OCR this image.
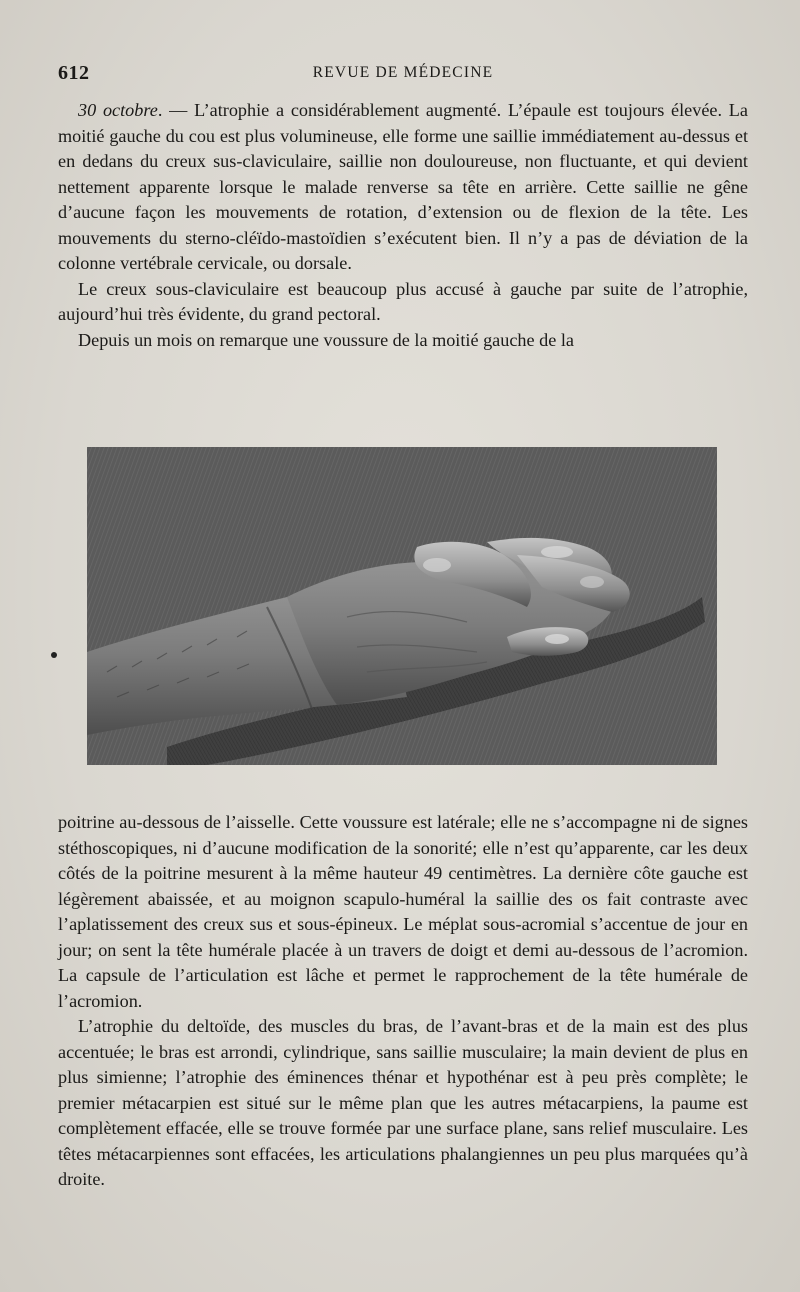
612	REVUE DE MÉDECINE

30 octobre. — L’atrophie a considérablement augmenté. L’épaule est toujours élevée. La moitié gauche du cou est plus volumineuse, elle forme une saillie immédiatement au-dessus et en dedans du creux sus-claviculaire, saillie non douloureuse, non fluctuante, et qui devient nettement apparente lorsque le malade renverse sa tête en arrière. Cette saillie ne gêne d’aucune façon les mouvements de rotation, d’extension ou de flexion de la tête. Les mouvements du sterno-cléïdo-mastoïdien s’exécutent bien. Il n’y a pas de déviation de la colonne vertébrale cervicale, ou dorsale.

Le creux sous-claviculaire est beaucoup plus accusé à gauche par suite de l’atrophie, aujourd’hui très évidente, du grand pectoral.

Depuis un mois on remarque une voussure de la moitié gauche de la

poitrine au-dessous de l’aisselle. Cette voussure est latérale; elle ne s’accompagne ni de signes stéthoscopiques, ni d’aucune modification de la sonorité; elle n’est qu’apparente, car les deux côtés de la poitrine mesurent à la même hauteur 49 centimètres. La dernière côte gauche est légèrement abaissée, et au moignon scapulo-huméral la saillie des os fait contraste avec l’aplatissement des creux sus et sous-épineux. Le méplat sous-acromial s’accentue de jour en jour; on sent la tête humérale placée à un travers de doigt et demi au-dessous de l’acromion. La capsule de l’articulation est lâche et permet le rapprochement de la tête humérale de l’acromion.

L’atrophie du deltoïde, des muscles du bras, de l’avant-bras et de la main est des plus accentuée; le bras est arrondi, cylindrique, sans saillie musculaire; la main devient de plus en plus simienne; l’atrophie des éminences thénar et hypothénar est à peu près complète; le premier métacarpien est situé sur le même plan que les autres métacarpiens, la paume est complètement effacée, elle se trouve formée par une surface plane, sans relief musculaire. Les têtes métacarpiennes sont effacées, les articulations phalangiennes un peu plus marquées qu’à droite.
